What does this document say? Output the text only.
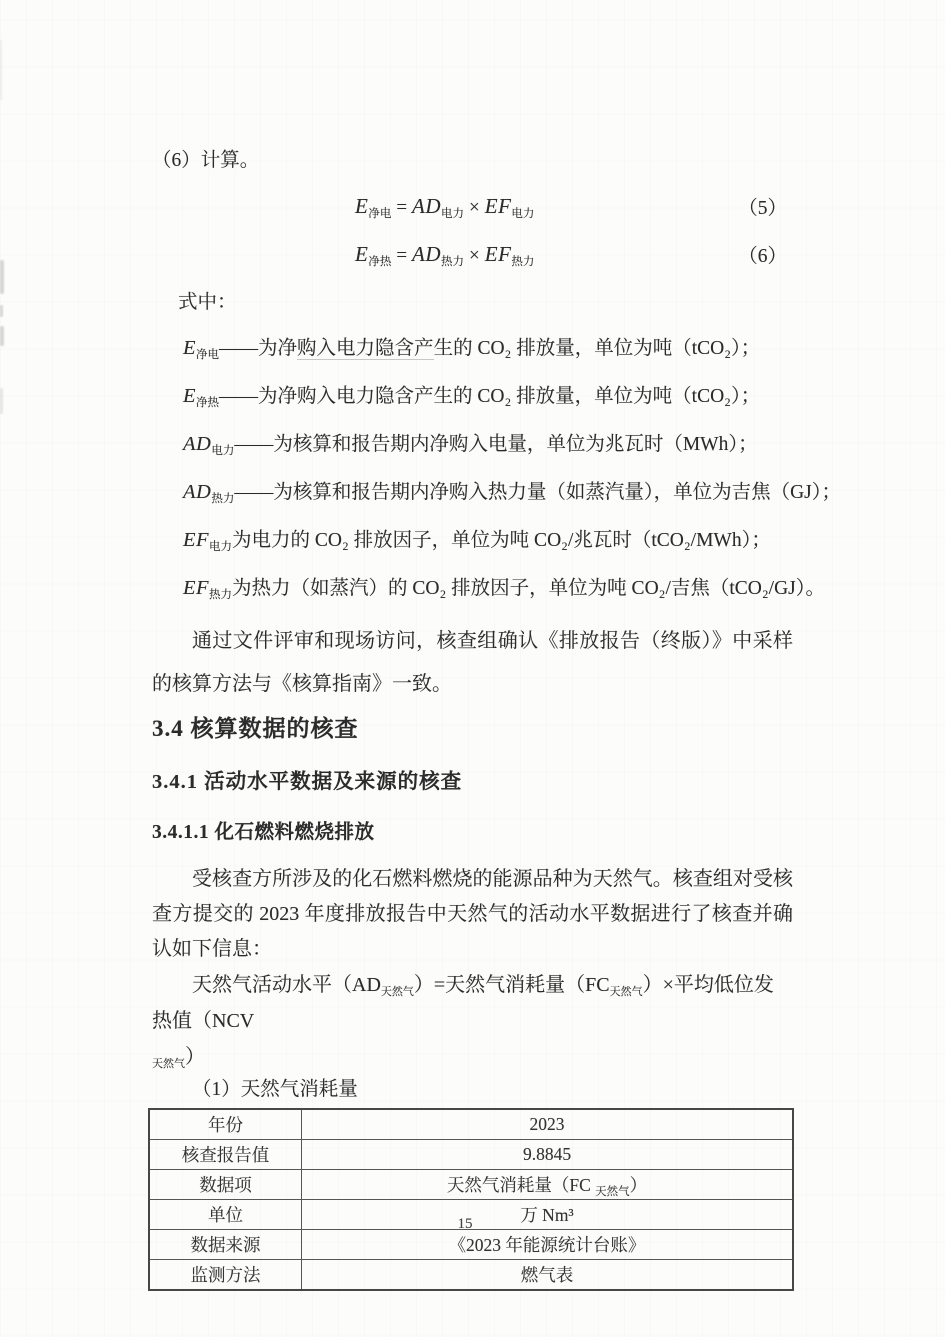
（6）计算。
$E_{净电} = AD_{电力} \times EF_{电力}$	（5）
$E_{净热} = AD_{热力} \times EF_{热力}$	（6）
式中：
$E_{净电}——$为净购入电力隐含产生的 CO₂ 排放量，单位为吨（tCO₂）；
$E_{净热}——$为净购入电力隐含产生的 CO₂ 排放量，单位为吨（tCO₂）；
$AD_{电力}——$为核算和报告期内净购入电量，单位为兆瓦时（MWh）；
$AD_{热力}——$为核算和报告期内净购入热力量（如蒸汽量），单位为吉焦（GJ）；
$EF_{电力}$为电力的 CO₂ 排放因子，单位为吨 CO₂/兆瓦时（tCO₂/MWh）；
$EF_{热力}$为热力（如蒸汽）的 CO₂ 排放因子，单位为吨 CO₂/吉焦（tCO₂/GJ）。
通过文件评审和现场访问，核查组确认《排放报告（终版）》中采样的核算方法与《核算指南》一致。
3.4 核算数据的核查
3.4.1 活动水平数据及来源的核查
3.4.1.1 化石燃料燃烧排放
受核查方所涉及的化石燃料燃烧的能源品种为天然气。核查组对受核查方提交的 2023 年度排放报告中天然气的活动水平数据进行了核查并确认如下信息：
天然气活动水平$(AD_{天然气})=$天然气消耗量$(FC_{天然气})\times$平均低位发热值（NCV
$_{天然气}$）
（1）天然气消耗量
年份	2023
核查报告值	9.8845
数据项	天然气消耗量（FC $_{天然气}$）
单位	万 Nm³
数据来源	《2023 年能源统计台账》
监测方法	燃气表
15
